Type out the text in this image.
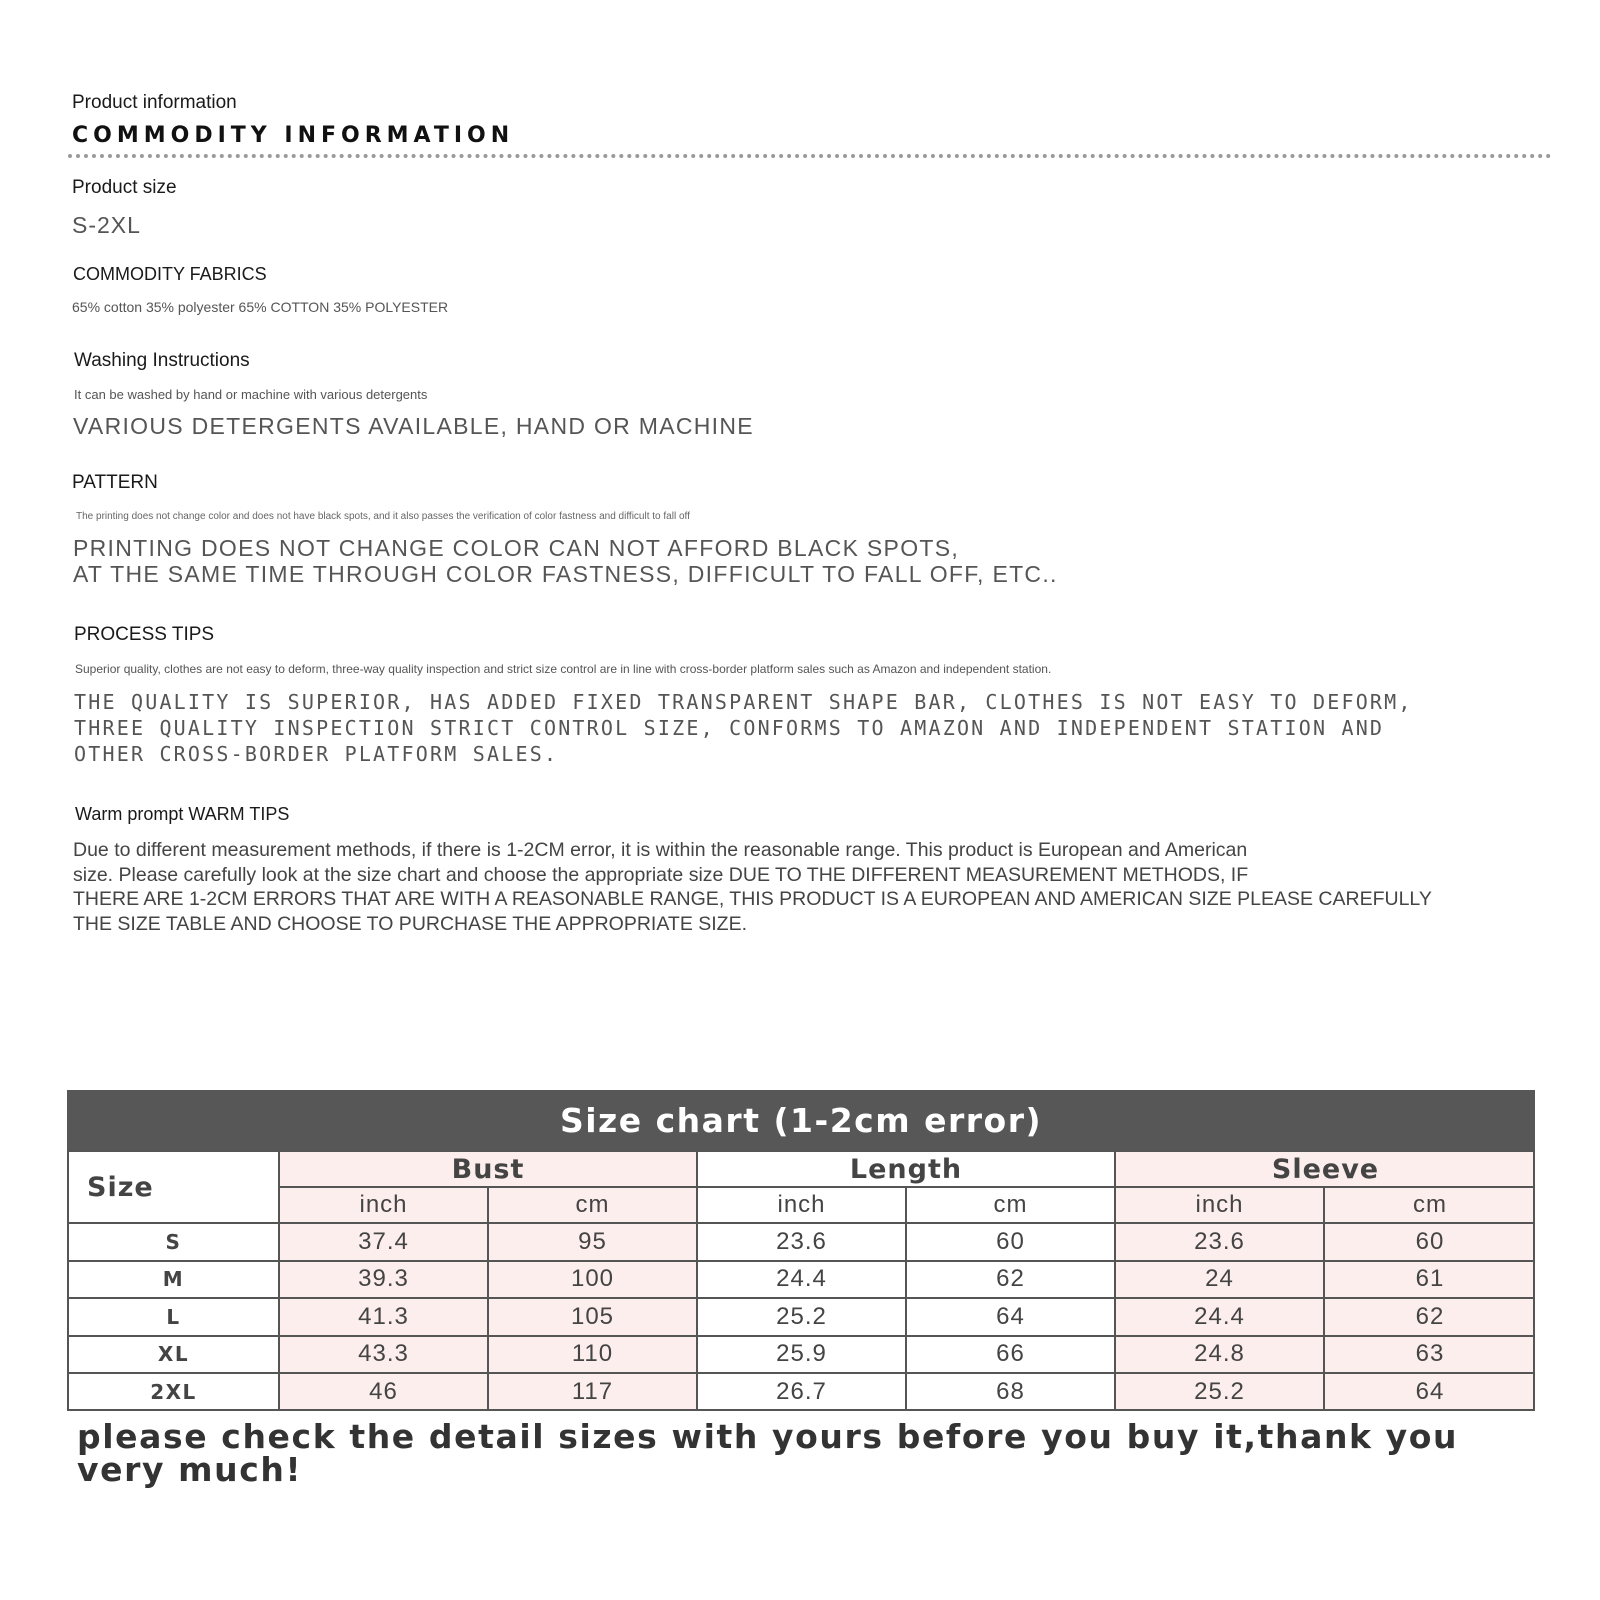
Product information
COMMODITY INFORMATION
Product size
S-2XL
COMMODITY FABRICS
65% cotton 35% polyester 65% COTTON 35% POLYESTER
Washing Instructions
It can be washed by hand or machine with various detergents
VARIOUS DETERGENTS AVAILABLE, HAND OR MACHINE
PATTERN
The printing does not change color and does not have black spots, and it also passes the verification of color fastness and difficult to fall off
PRINTING DOES NOT CHANGE COLOR CAN NOT AFFORD BLACK SPOTS,
AT THE SAME TIME THROUGH COLOR FASTNESS, DIFFICULT TO FALL OFF, ETC..
PROCESS TIPS
Superior quality, clothes are not easy to deform, three-way quality inspection and strict size control are in line with cross-border platform sales such as Amazon and independent station.
THE QUALITY IS SUPERIOR, HAS ADDED FIXED TRANSPARENT SHAPE BAR, CLOTHES IS NOT EASY TO DEFORM,
THREE QUALITY INSPECTION STRICT CONTROL SIZE, CONFORMS TO AMAZON AND INDEPENDENT STATION AND
OTHER CROSS-BORDER PLATFORM SALES.
Warm prompt WARM TIPS
Due to different measurement methods, if there is 1-2CM error, it is within the reasonable range. This product is European and American
size. Please carefully look at the size chart and choose the appropriate size DUE TO THE DIFFERENT MEASUREMENT METHODS, IF
THERE ARE 1-2CM ERRORS THAT ARE WITH A REASONABLE RANGE, THIS PRODUCT IS A EUROPEAN AND AMERICAN SIZE PLEASE CAREFULLY
THE SIZE TABLE AND CHOOSE TO PURCHASE THE APPROPRIATE SIZE.
Size chart (1-2cm error)
Size
Bust	Length	Sleeve
inch	cm	inch	cm	inch	cm
S	37.4	95	23.6	60	23.6	60
M	39.3	100	24.4	62	24	61
L	41.3	105	25.2	64	24.4	62
XL	43.3	110	25.9	66	24.8	63
2XL	46	117	26.7	68	25.2	64
please check the detail sizes with yours before you buy it,thank you
very much!
